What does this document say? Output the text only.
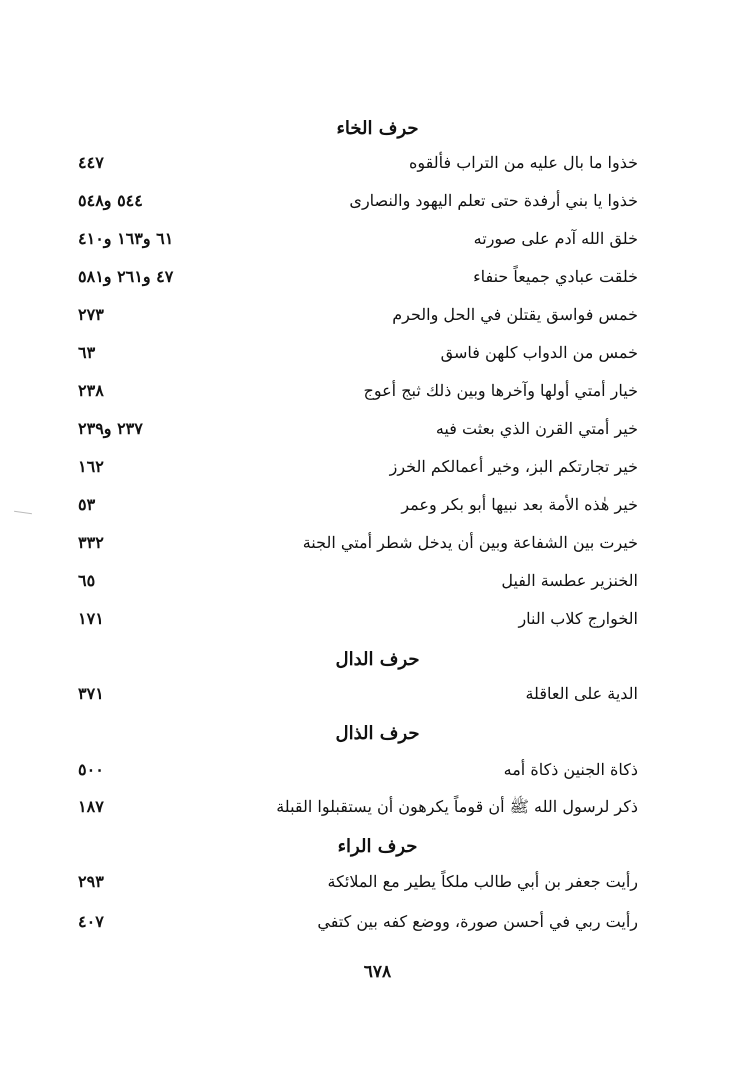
حرف الخاء
خذوا ما بال عليه من التراب فألقوه
٤٤٧
خذوا يا بني أرفدة حتى تعلم اليهود والنصارى
٥٤٤ و٥٤٨
خلق الله آدم على صورته
٦١ و١٦٣ و٤١٠
خلقت عبادي جميعاً حنفاء
٤٧ و٢٦١ و٥٨١
خمس فواسق يقتلن في الحل والحرم
٢٧٣
خمس من الدواب كلهن فاسق
٦٣
خيار أمتي أولها وآخرها وبين ذلك ثبج أعوج
٢٣٨
خير أمتي القرن الذي بعثت فيه
٢٣٧ و٢٣٩
خير تجارتكم البز، وخير أعمالكم الخرز
١٦٢
خير هٰذه الأمة بعد نبيها أبو بكر وعمر
٥٣
خيرت بين الشفاعة وبين أن يدخل شطر أمتي الجنة
٣٣٢
الخنزير عطسة الفيل
٦٥
الخوارج كلاب النار
١٧١
حرف الدال
الدية على العاقلة
٣٧١
حرف الذال
ذكاة الجنين ذكاة أمه
٥٠٠
ذكر لرسول الله ﷺ أن قوماً يكرهون أن يستقبلوا القبلة
١٨٧
حرف الراء
رأيت جعفر بن أبي طالب ملكاً يطير مع الملائكة
٢٩٣
رأيت ربي في أحسن صورة، ووضع كفه بين كتفي
٤٠٧
٦٧٨
